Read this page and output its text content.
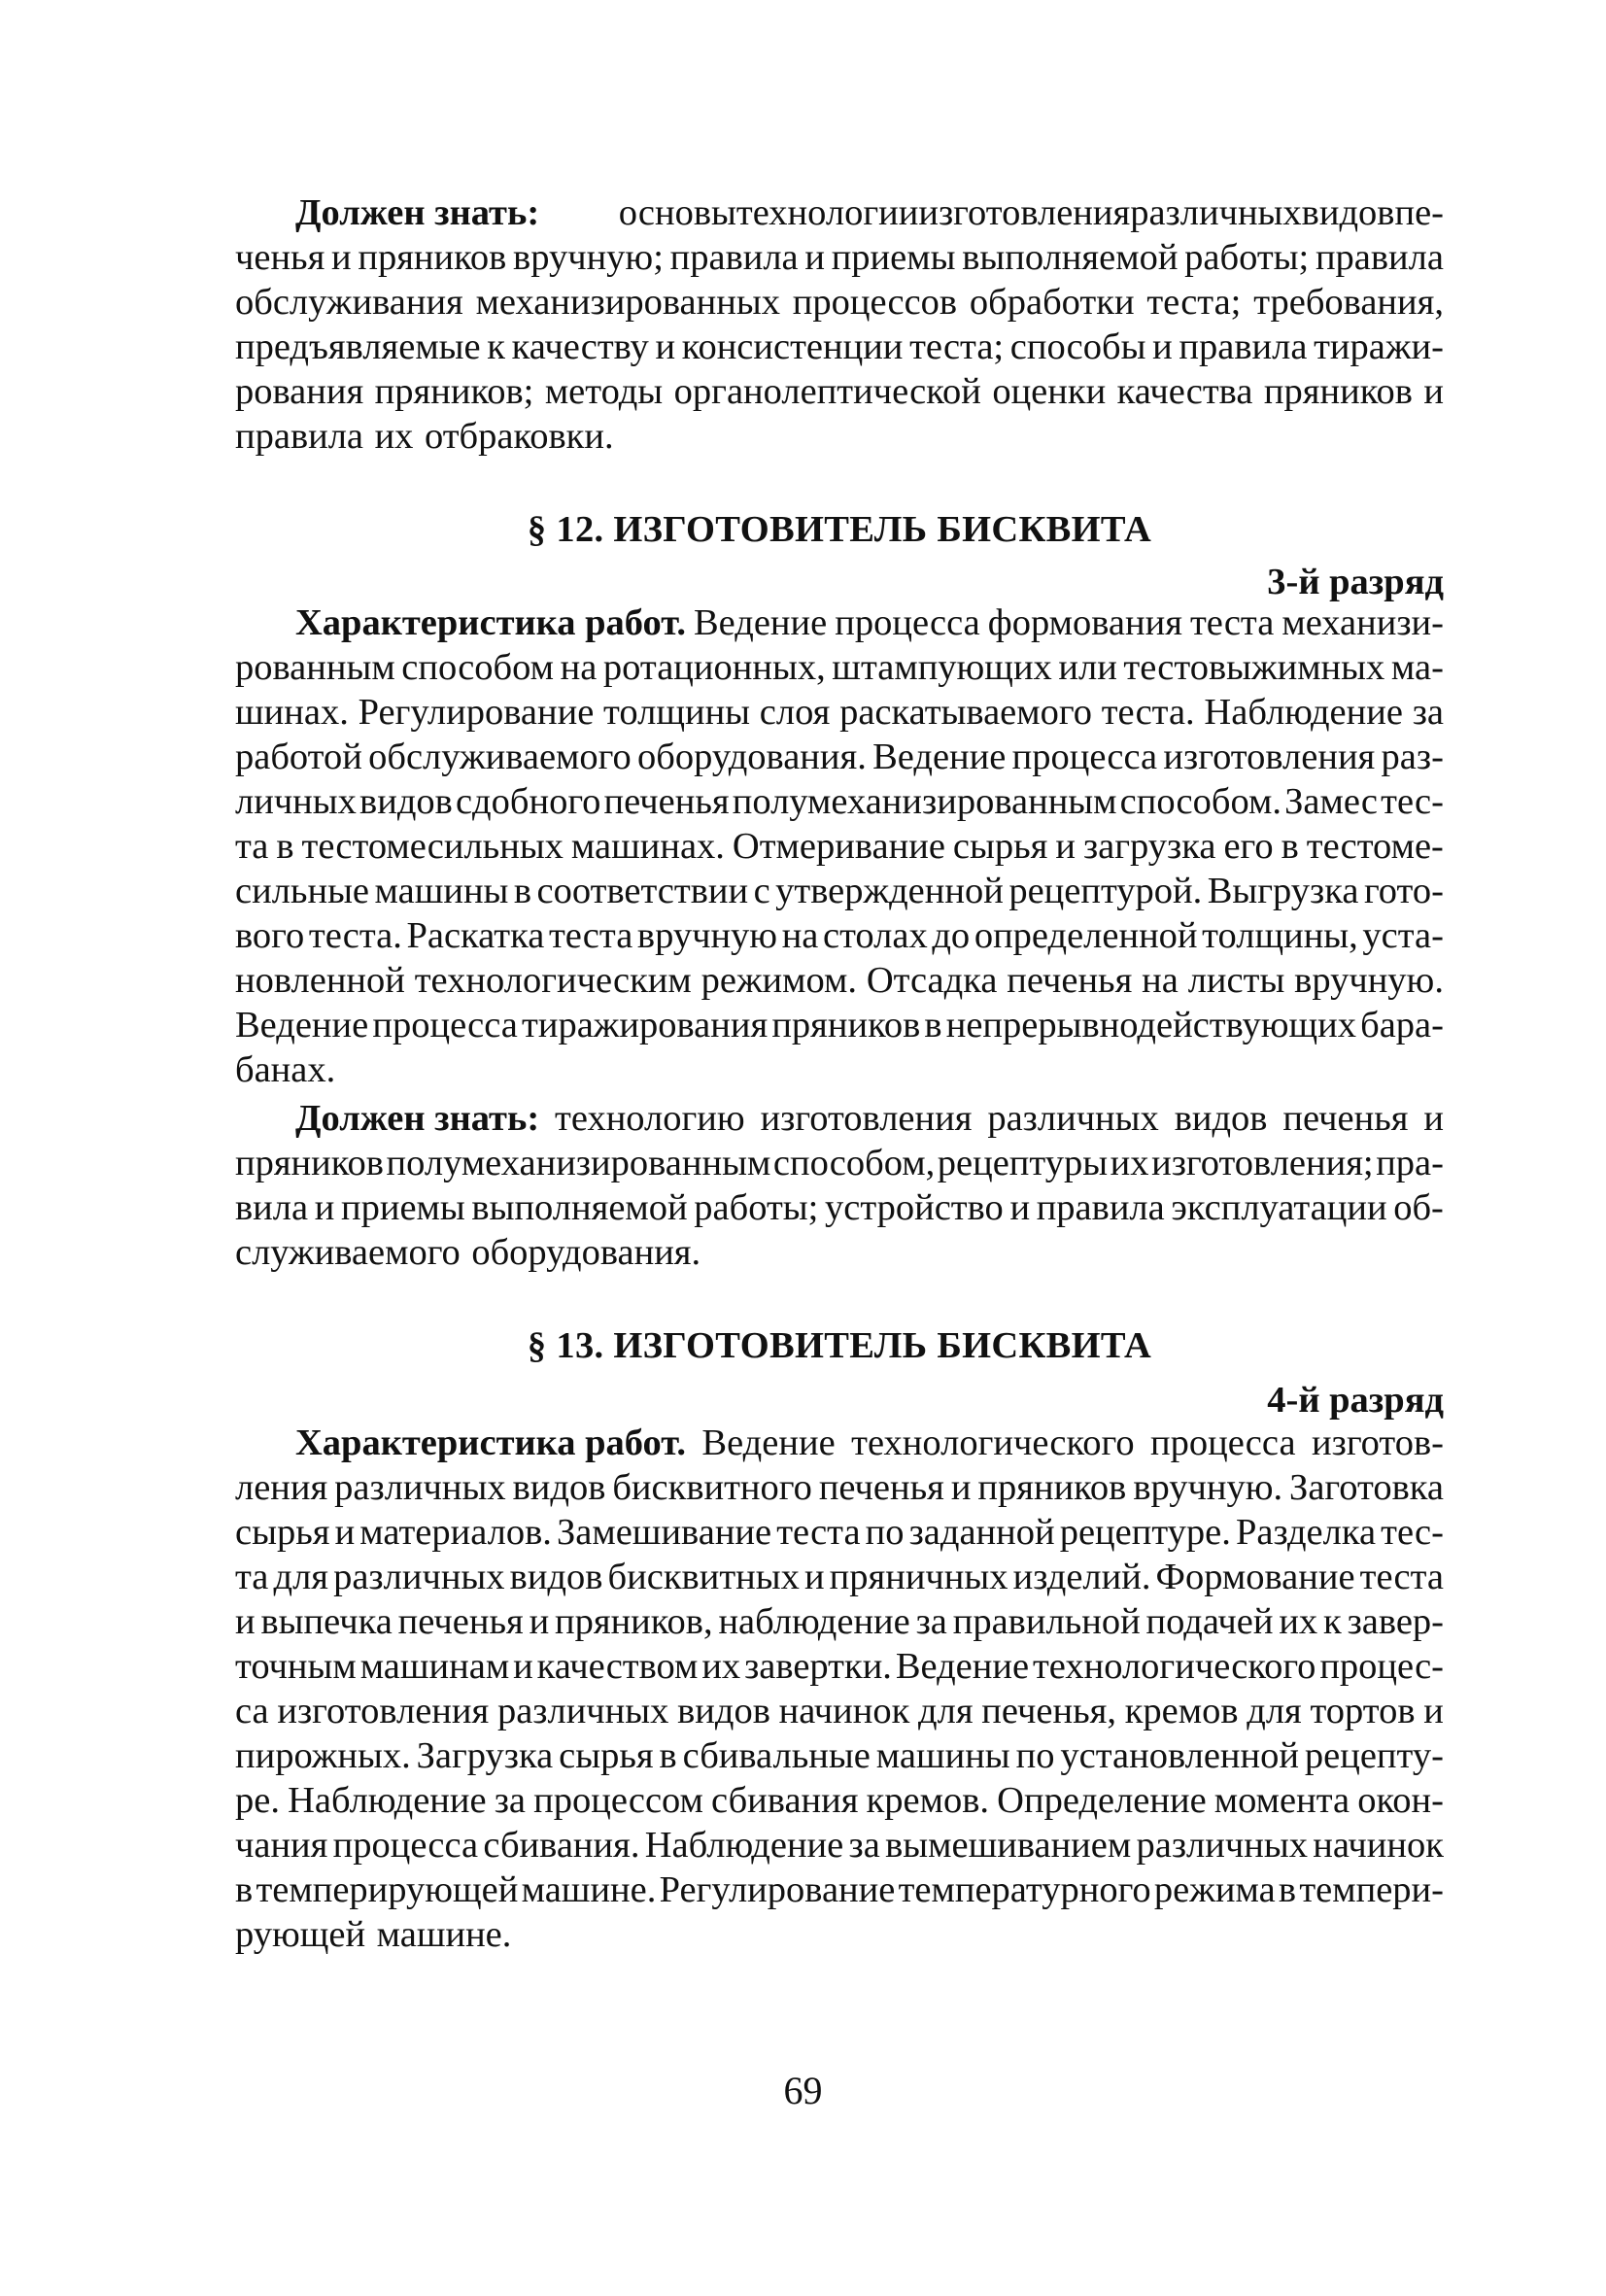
Должен знать: основы технологии изготовления различных видов пе-
ченья и пряников вручную; правила и приемы выполняемой работы; правила
обслуживания механизированных процессов обработки теста; требования,
предъявляемые к качеству и консистенции теста; способы и правила тиражи-
рования пряников; методы органолептической оценки качества пряников и
правила их отбраковки.
§ 12. ИЗГОТОВИТЕЛЬ БИСКВИТА
3-й разряд
Характеристика работ. Ведение процесса формования теста механизи-
рованным способом на ротационных, штампующих или тестовыжимных ма-
шинах. Регулирование толщины слоя раскатываемого теста. Наблюдение за
работой обслуживаемого оборудования. Ведение процесса изготовления раз-
личных видов сдобного печенья полумеханизированным способом. Замес тес-
та в тестомесильных машинах. Отмеривание сырья и загрузка его в тестоме-
сильные машины в соответствии с утвержденной рецептурой. Выгрузка гото-
вого теста. Раскатка теста вручную на столах до определенной толщины, уста-
новленной технологическим режимом. Отсадка печенья на листы вручную.
Ведение процесса тиражирования пряников в непрерывнодействующих бара-
банах.
Должен знать: технологию изготовления различных видов печенья и
пряников полумеханизированным способом, рецептуры их изготовления; пра-
вила и приемы выполняемой работы; устройство и правила эксплуатации об-
служиваемого оборудования.
§ 13. ИЗГОТОВИТЕЛЬ БИСКВИТА
4-й разряд
Характеристика работ. Ведение технологического процесса изготов-
ления различных видов бисквитного печенья и пряников вручную. Заготовка
сырья и материалов. Замешивание теста по заданной рецептуре. Разделка тес-
та для различных видов бисквитных и пряничных изделий. Формование теста
и выпечка печенья и пряников, наблюдение за правильной подачей их к завер-
точным машинам и качеством их завертки. Ведение технологического процес-
са изготовления различных видов начинок для печенья, кремов для тортов и
пирожных. Загрузка сырья в сбивальные машины по установленной рецепту-
ре. Наблюдение за процессом сбивания кремов. Определение момента окон-
чания процесса сбивания. Наблюдение за вымешиванием различных начинок
в темперирующей машине. Регулирование температурного режима в темпери-
рующей машине.
69
